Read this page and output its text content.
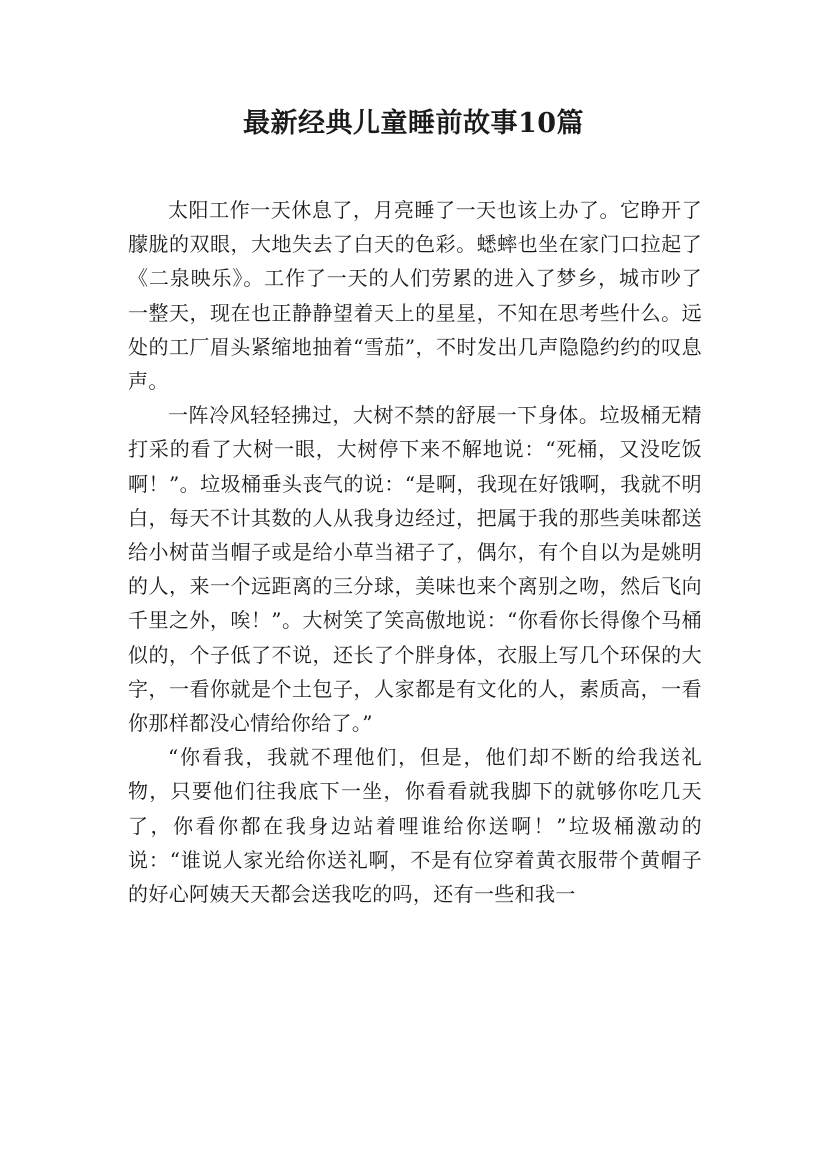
最新经典儿童睡前故事10篇

太阳工作一天休息了，月亮睡了一天也该上办了。它睁开了朦胧的双眼，大地失去了白天的色彩。蟋蟀也坐在家门口拉起了《二泉映乐》。工作了一天的人们劳累的进入了梦乡，城市吵了一整天，现在也正静静望着天上的星星，不知在思考些什么。远处的工厂眉头紧缩地抽着“雪茄”，不时发出几声隐隐约约的叹息声。

一阵冷风轻轻拂过，大树不禁的舒展一下身体。垃圾桶无精打采的看了大树一眼，大树停下来不解地说：“死桶，又没吃饭啊！”。垃圾桶垂头丧气的说：“是啊，我现在好饿啊，我就不明白，每天不计其数的人从我身边经过，把属于我的那些美味都送给小树苗当帽子或是给小草当裙子了，偶尔，有个自以为是姚明的人，来一个远距离的三分球，美味也来个离别之吻，然后飞向千里之外，唉！”。大树笑了笑高傲地说：“你看你长得像个马桶似的，个子低了不说，还长了个胖身体，衣服上写几个环保的大字，一看你就是个土包子，人家都是有文化的人，素质高，一看你那样都没心情给你给了。”

“你看我，我就不理他们，但是，他们却不断的给我送礼物，只要他们往我底下一坐，你看看就我脚下的就够你吃几天了，你看你都在我身边站着哩谁给你送啊！”垃圾桶激动的说：“谁说人家光给你送礼啊，不是有位穿着黄衣服带个黄帽子的好心阿姨天天都会送我吃的吗，还有一些和我一
